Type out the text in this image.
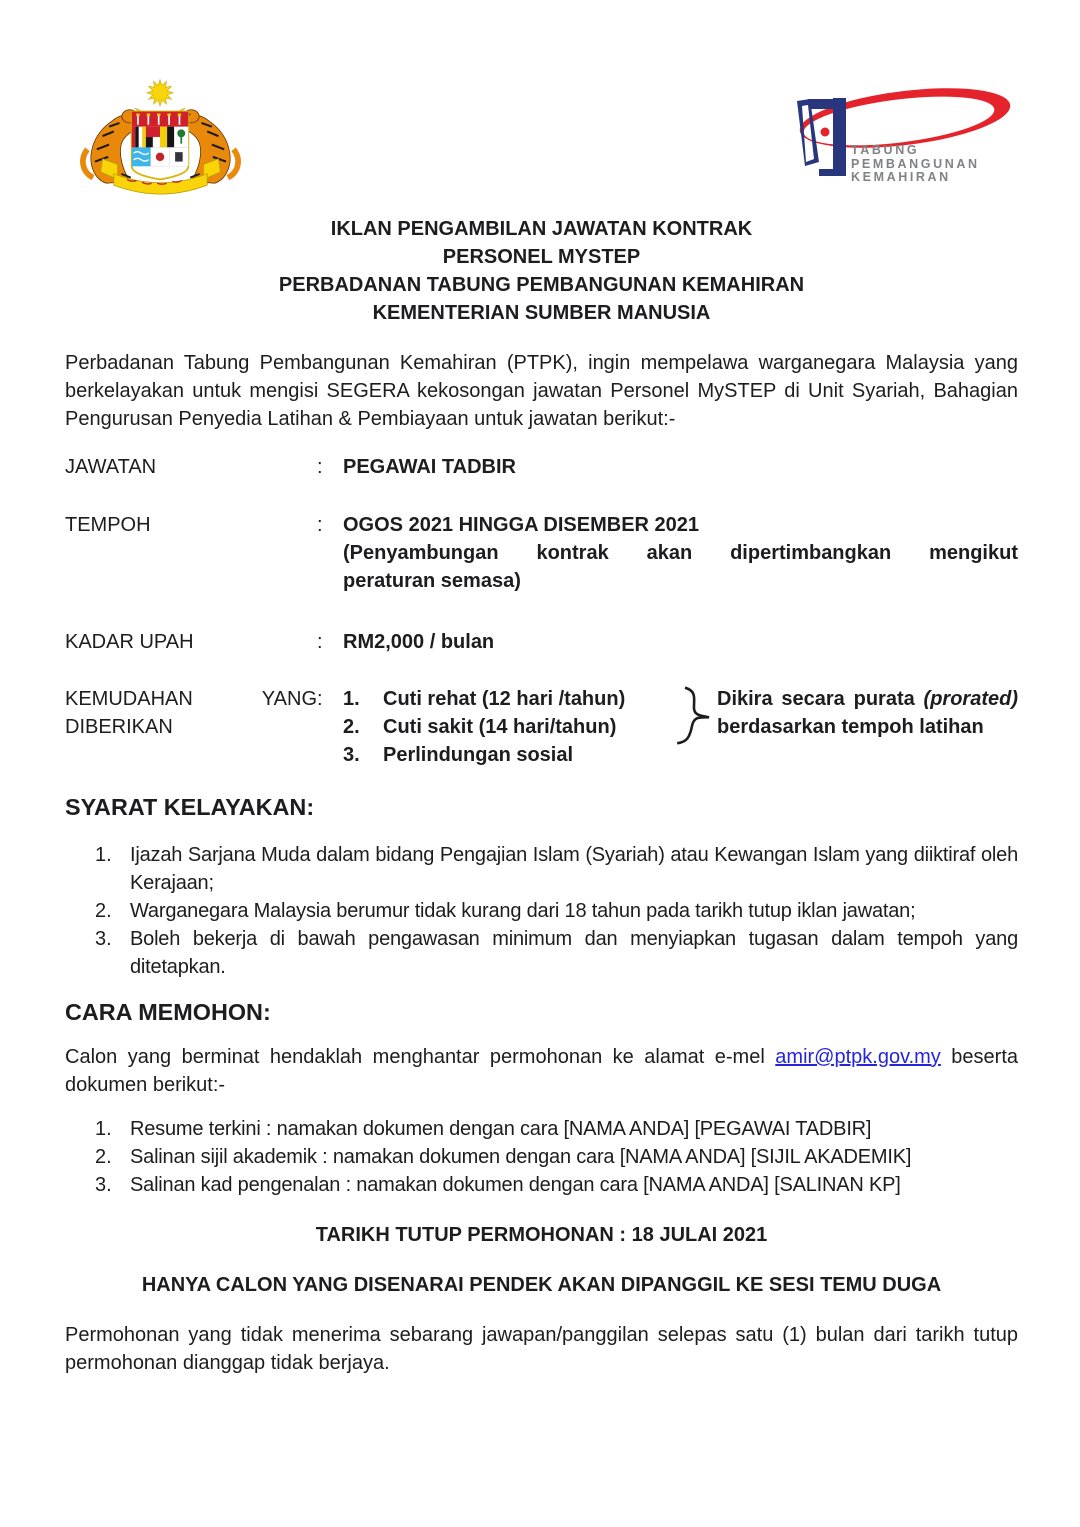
TABUNG
PEMBANGUNAN
KEMAHIRAN
IKLAN PENGAMBILAN JAWATAN KONTRAK
PERSONEL MYSTEP
PERBADANAN TABUNG PEMBANGUNAN KEMAHIRAN
KEMENTERIAN SUMBER MANUSIA

Perbadanan Tabung Pembangunan Kemahiran (PTPK), ingin mempelawa warganegara Malaysia yang berkelayakan untuk mengisi SEGERA kekosongan jawatan Personel MySTEP di Unit Syariah, Bahagian Pengurusan Penyedia Latihan & Pembiayaan untuk jawatan berikut:-

JAWATAN	:	PEGAWAI TADBIR
TEMPOH	:	OGOS 2021 HINGGA DISEMBER 2021
(Penyambungan kontrak akan dipertimbangkan mengikut
peraturan semasa)
KADAR UPAH	:	RM2,000 / bulan
KEMUDAHAN YANG DIBERIKAN
:	1.	Cuti rehat (12 hari /tahun)
2.	Cuti sakit (14 hari/tahun)
3.	Perlindungan sosial
Dikira secara purata (prorated) berdasarkan tempoh latihan
SYARAT KELAYAKAN:
1. Ijazah Sarjana Muda dalam bidang Pengajian Islam (Syariah) atau Kewangan Islam yang diiktiraf oleh Kerajaan;
2. Warganegara Malaysia berumur tidak kurang dari 18 tahun pada tarikh tutup iklan jawatan;
3. Boleh bekerja di bawah pengawasan minimum dan menyiapkan tugasan dalam tempoh yang ditetapkan.
CARA MEMOHON:

Calon yang berminat hendaklah menghantar permohonan ke alamat e-mel amir@ptpk.gov.my beserta dokumen berikut:-

1. Resume terkini : namakan dokumen dengan cara [NAMA ANDA] [PEGAWAI TADBIR]
2. Salinan sijil akademik : namakan dokumen dengan cara [NAMA ANDA] [SIJIL AKADEMIK]
3. Salinan kad pengenalan : namakan dokumen dengan cara [NAMA ANDA] [SALINAN KP]

TARIKH TUTUP PERMOHONAN : 18 JULAI 2021

HANYA CALON YANG DISENARAI PENDEK AKAN DIPANGGIL KE SESI TEMU DUGA

Permohonan yang tidak menerima sebarang jawapan/panggilan selepas satu (1) bulan dari tarikh tutup permohonan dianggap tidak berjaya.
